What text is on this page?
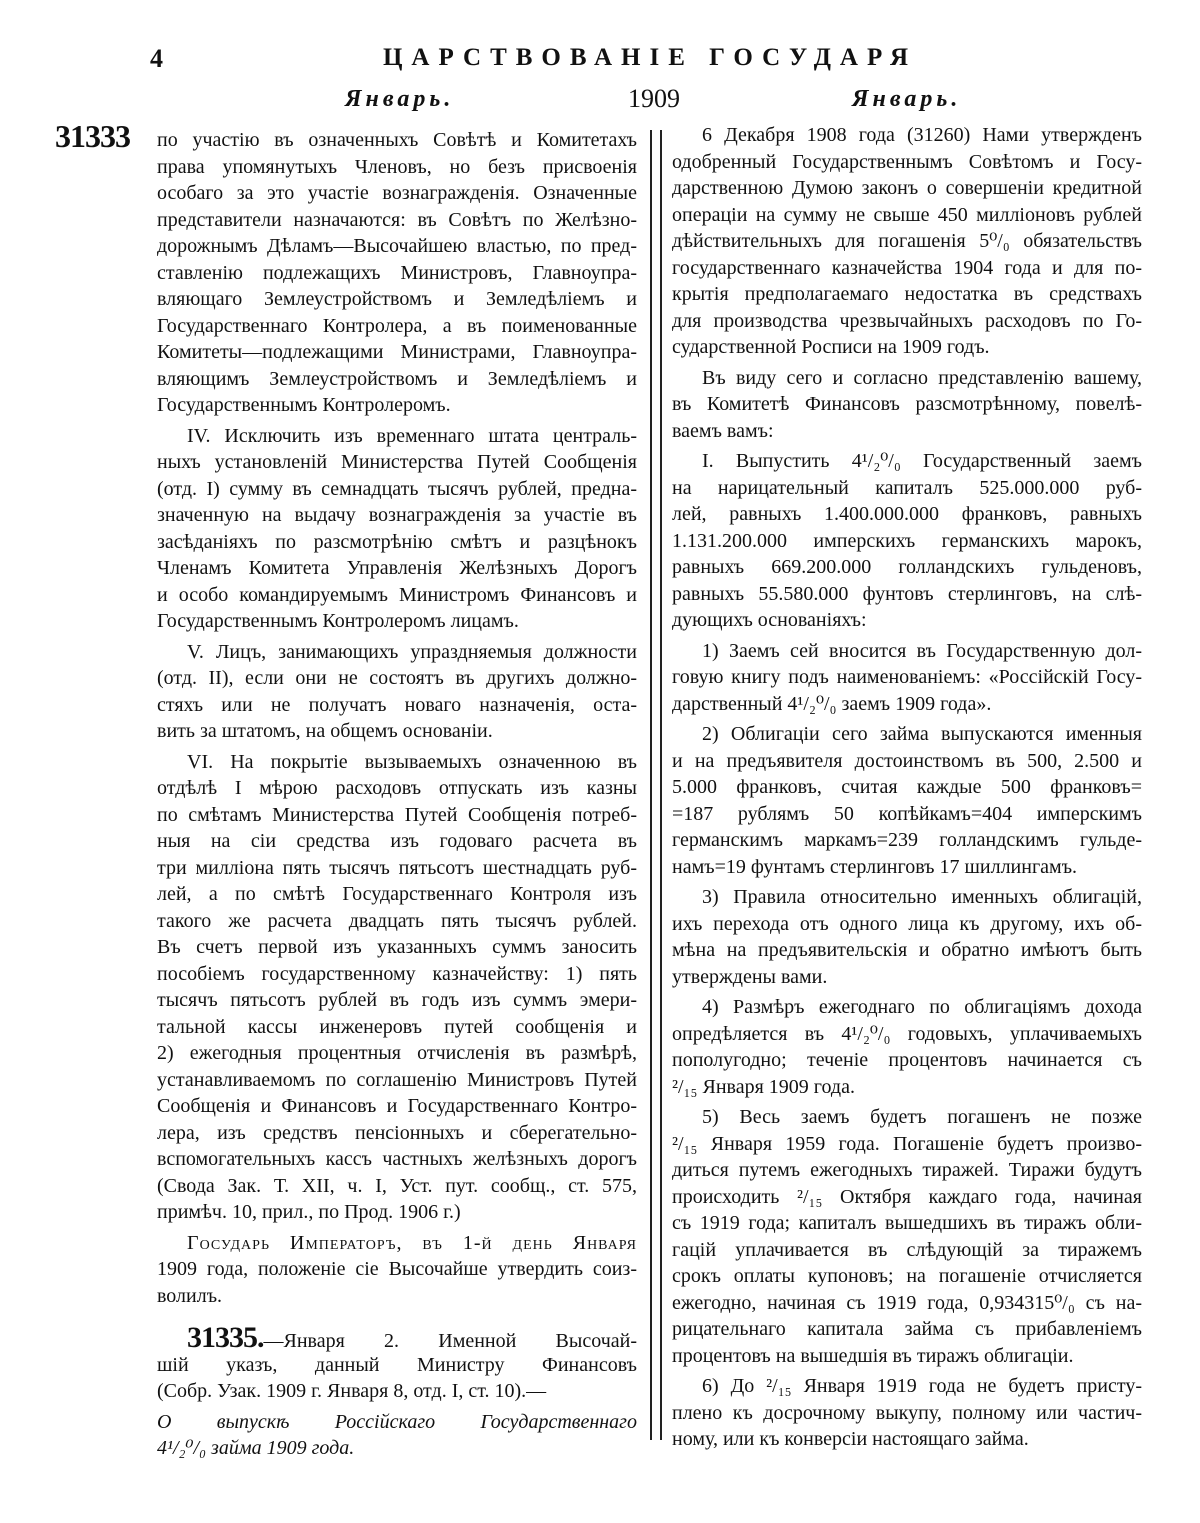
4	ЦАРСТВОВАНІЕ ГОСУДАРЯ
Январь.	1909	Январь.
31333 по участію въ означенныхъ Совѣтѣ и Комитетахъ
права упомянутыхъ Членовъ, но безъ присвоенія
особаго за это участіе вознагражденія. Означенные
представители назначаются: въ Совѣтъ по Желѣзно-
дорожнымъ Дѣламъ—Высочайшею властью, по пред-
ставленію подлежащихъ Министровъ, Главноупра-
вляющаго Землеустройствомъ и Земледѣліемъ и
Государственнаго Контролера, а въ поименованные
Комитеты—подлежащими Министрами, Главноупра-
вляющимъ Землеустройствомъ и Земледѣліемъ и
Государственнымъ Контролеромъ.
IV. Исключить изъ временнаго штата централь-
ныхъ установленій Министерства Путей Сообщенія
(отд. I) сумму въ семнадцать тысячъ рублей, предна-
значенную на выдачу вознагражденія за участіе въ
засѣданіяхъ по разсмотрѣнію смѣтъ и разцѣнокъ
Членамъ Комитета Управленія Желѣзныхъ Дорогъ
и особо командируемымъ Министромъ Финансовъ и
Государственнымъ Контролеромъ лицамъ.
V. Лицъ, занимающихъ упраздняемыя должности
(отд. II), если они не состоятъ въ другихъ должно-
стяхъ или не получатъ новаго назначенія, оста-
вить за штатомъ, на общемъ основаніи.
VI. На покрытіе вызываемыхъ означенною въ
отдѣлѣ I мѣрою расходовъ отпускать изъ казны
по смѣтамъ Министерства Путей Сообщенія потреб-
ныя на сіи средства изъ годоваго расчета въ
три милліона пять тысячъ пятьсотъ шестнадцать руб-
лей, а по смѣтѣ Государственнаго Контроля изъ
такого же расчета двадцать пять тысячъ рублей.
Въ счетъ первой изъ указанныхъ суммъ заносить
пособіемъ государственному казначейству: 1) пять
тысячъ пятьсотъ рублей въ годъ изъ суммъ эмери-
тальной кассы инженеровъ путей сообщенія и
2) ежегодныя процентныя отчисленія въ размѣрѣ,
устанавливаемомъ по соглашенію Министровъ Путей
Сообщенія и Финансовъ и Государственнаго Контро-
лера, изъ средствъ пенсіонныхъ и сберегательно-
вспомогательныхъ кассъ частныхъ желѣзныхъ дорогъ
(Свода Зак. Т. XII, ч. I, Уст. пут. сообщ., ст. 575,
примѣч. 10, прил., по Прод. 1906 г.)
Государь Императоръ, въ 1-й день Января
1909 года, положеніе сіе Высочайше утвердить соиз-
волилъ.
31335.—Января 2. Именной Высочай-
шій указъ, данный Министру Финансовъ
(Собр. Узак. 1909 г. Января 8, отд. I, ст. 10).—
О выпускѣ Россійскаго Государственнаго
4¹/₂⁰/₀ займа 1909 года.
6 Декабря 1908 года (31260) Нами утвержденъ
одобренный Государственнымъ Совѣтомъ и Госу-
дарственною Думою законъ о совершеніи кредитной
операціи на сумму не свыше 450 милліоновъ рублей
дѣйствительныхъ для погашенія 5⁰/₀ обязательствъ
государственнаго казначейства 1904 года и для по-
крытія предполагаемаго недостатка въ средствахъ
для производства чрезвычайныхъ расходовъ по Го-
сударственной Росписи на 1909 годъ.
Въ виду сего и согласно представленію вашему,
въ Комитетѣ Финансовъ разсмотрѣнному, повелѣ-
ваемъ вамъ:
I. Выпустить 4¹/₂⁰/₀ Государственный заемъ
на нарицательный капиталъ 525.000.000 руб-
лей, равныхъ 1.400.000.000 франковъ, равныхъ
1.131.200.000 имперскихъ германскихъ марокъ,
равныхъ 669.200.000 голландскихъ гульденовъ,
равныхъ 55.580.000 фунтовъ стерлинговъ, на слѣ-
дующихъ основаніяхъ:
1) Заемъ сей вносится въ Государственную дол-
говую книгу подъ наименованіемъ: «Россійскій Госу-
дарственный 4¹/₂⁰/₀ заемъ 1909 года».
2) Облигаціи сего займа выпускаются именныя
и на предъявителя достоинствомъ въ 500, 2.500 и
5.000 франковъ, считая каждые 500 франковъ=
=187 рублямъ 50 копѣйкамъ=404 имперскимъ
германскимъ маркамъ=239 голландскимъ гульде-
намъ=19 фунтамъ стерлинговъ 17 шиллингамъ.
3) Правила относительно именныхъ облигацій,
ихъ перехода отъ одного лица къ другому, ихъ об-
мѣна на предъявительскія и обратно имѣютъ быть
утверждены вами.
4) Размѣръ ежегоднаго по облигаціямъ дохода
опредѣляется въ 4¹/₂⁰/₀ годовыхъ, уплачиваемыхъ
пополугодно; теченіе процентовъ начинается съ
²/₁₅ Января 1909 года.
5) Весь заемъ будетъ погашенъ не позже
²/₁₅ Января 1959 года. Погашеніе будетъ произво-
диться путемъ ежегодныхъ тиражей. Тиражи будутъ
происходить ²/₁₅ Октября каждаго года, начиная
съ 1919 года; капиталъ вышедшихъ въ тиражъ обли-
гацій уплачивается въ слѣдующій за тиражемъ
срокъ оплаты купоновъ; на погашеніе отчисляется
ежегодно, начиная съ 1919 года, 0,934315⁰/₀ съ на-
рицательнаго капитала займа съ прибавленіемъ
процентовъ на вышедшія въ тиражъ облигаціи.
6) До ²/₁₅ Января 1919 года не будетъ присту-
плено къ досрочному выкупу, полному или частич-
ному, или къ конверсіи настоящаго займа.
